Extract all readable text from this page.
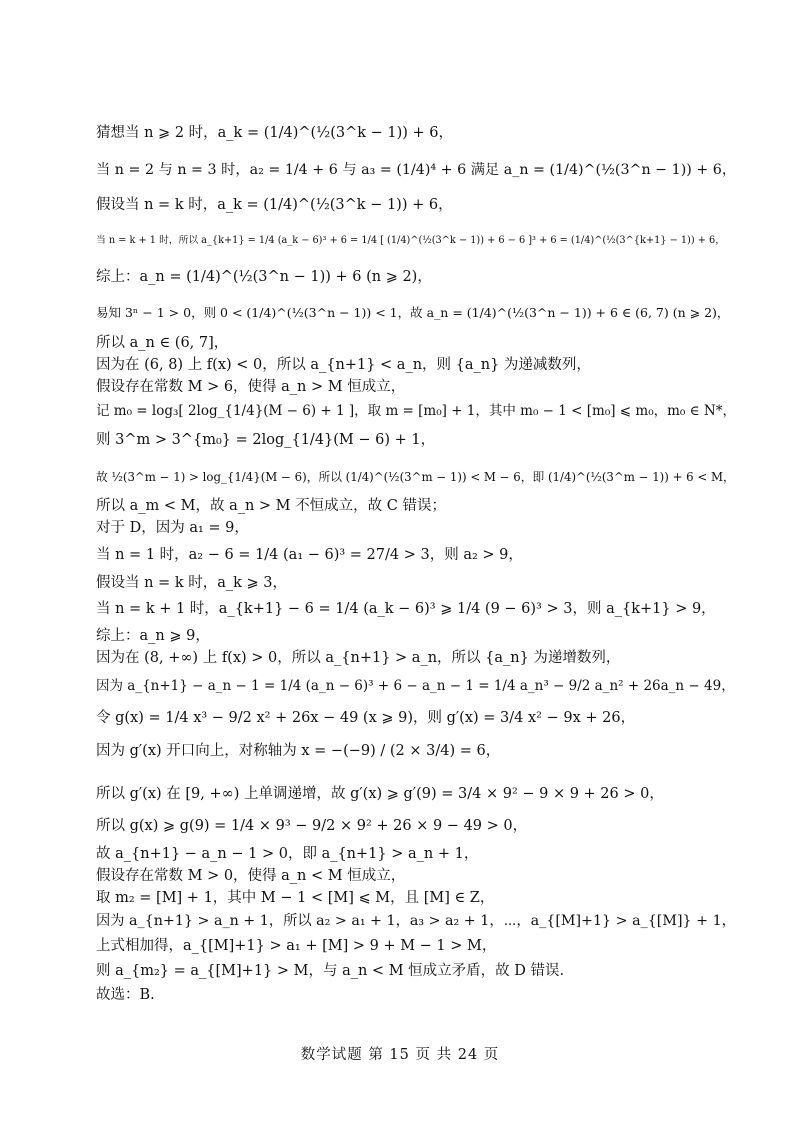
猜想当 n ⩾ 2 时，a_k = (1/4)^(½(3^k − 1)) + 6，
当 n = 2 与 n = 3 时，a₂ = 1/4 + 6 与 a₃ = (1/4)⁴ + 6 满足 a_n = (1/4)^(½(3^n − 1)) + 6，
假设当 n = k 时，a_k = (1/4)^(½(3^k − 1)) + 6，
当 n = k + 1 时，所以 a_{k+1} = 1/4 (a_k − 6)³ + 6 = 1/4 [ (1/4)^(½(3^k − 1)) + 6 − 6 ]³ + 6 = (1/4)^(½(3^{k+1} − 1)) + 6，
综上：a_n = (1/4)^(½(3^n − 1)) + 6 (n ⩾ 2)，
易知 3ⁿ − 1 > 0，则 0 < (1/4)^(½(3^n − 1)) < 1，故 a_n = (1/4)^(½(3^n − 1)) + 6 ∈ (6, 7) (n ⩾ 2)，
所以 a_n ∈ (6, 7]，
因为在 (6, 8) 上 f(x) < 0，所以 a_{n+1} < a_n，则 {a_n} 为递减数列，
假设存在常数 M > 6，使得 a_n > M 恒成立，
记 m₀ = log₃[ 2log_{1/4}(M − 6) + 1 ]，取 m = [m₀] + 1，其中 m₀ − 1 < [m₀] ⩽ m₀，m₀ ∈ N*，
则 3^m > 3^{m₀} = 2log_{1/4}(M − 6) + 1，
故 ½(3^m − 1) > log_{1/4}(M − 6)，所以 (1/4)^(½(3^m − 1)) < M − 6，即 (1/4)^(½(3^m − 1)) + 6 < M，
所以 a_m < M，故 a_n > M 不恒成立，故 C 错误；
对于 D，因为 a₁ = 9，
当 n = 1 时，a₂ − 6 = 1/4 (a₁ − 6)³ = 27/4 > 3，则 a₂ > 9，
假设当 n = k 时，a_k ⩾ 3，
当 n = k + 1 时，a_{k+1} − 6 = 1/4 (a_k − 6)³ ⩾ 1/4 (9 − 6)³ > 3，则 a_{k+1} > 9，
综上：a_n ⩾ 9，
因为在 (8, +∞) 上 f(x) > 0，所以 a_{n+1} > a_n，所以 {a_n} 为递增数列，
因为 a_{n+1} − a_n − 1 = 1/4 (a_n − 6)³ + 6 − a_n − 1 = 1/4 a_n³ − 9/2 a_n² + 26a_n − 49，
令 g(x) = 1/4 x³ − 9/2 x² + 26x − 49 (x ⩾ 9)，则 g′(x) = 3/4 x² − 9x + 26，
因为 g′(x) 开口向上，对称轴为 x = −(−9) / (2 × 3/4) = 6，
所以 g′(x) 在 [9, +∞) 上单调递增，故 g′(x) ⩾ g′(9) = 3/4 × 9² − 9 × 9 + 26 > 0，
所以 g(x) ⩾ g(9) = 1/4 × 9³ − 9/2 × 9² + 26 × 9 − 49 > 0，
故 a_{n+1} − a_n − 1 > 0，即 a_{n+1} > a_n + 1，
假设存在常数 M > 0，使得 a_n < M 恒成立，
取 m₂ = [M] + 1，其中 M − 1 < [M] ⩽ M，且 [M] ∈ Z，
因为 a_{n+1} > a_n + 1，所以 a₂ > a₁ + 1，a₃ > a₂ + 1，⋯，a_{[M]+1} > a_{[M]} + 1，
上式相加得，a_{[M]+1} > a₁ + [M] > 9 + M − 1 > M，
则 a_{m₂} = a_{[M]+1} > M，与 a_n < M 恒成立矛盾，故 D 错误.
故选：B.
数学试题 第 15 页 共 24 页
